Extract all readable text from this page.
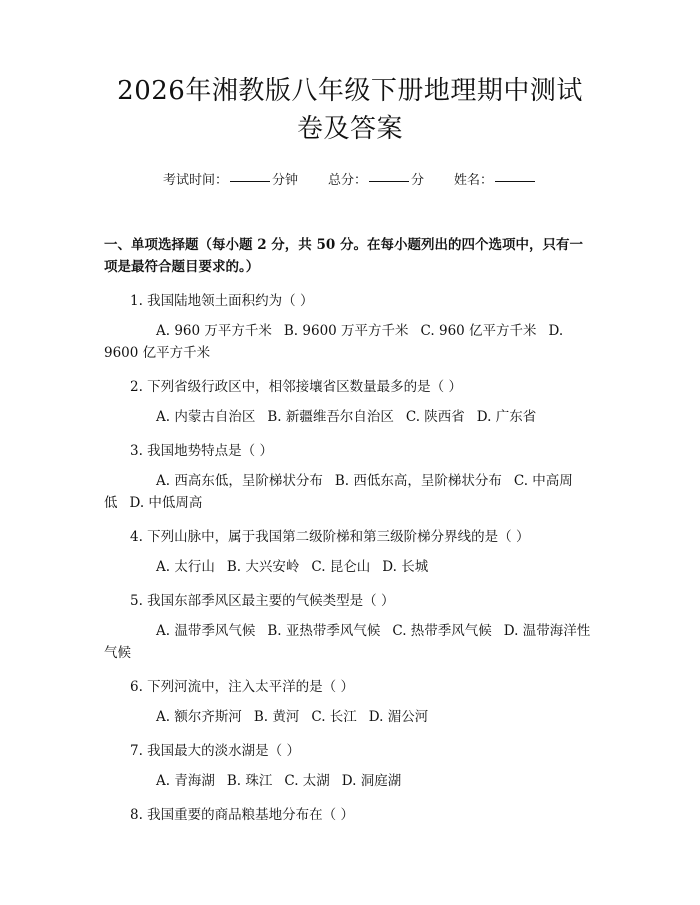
2026年湘教版八年级下册地理期中测试卷及答案
考试时间：	分钟 总分：	分 姓名：
一、单项选择题（每小题 2 分，共 50 分。在每小题列出的四个选项中，只有一项是最符合题目要求的。）
1. 我国陆地领土面积约为（ ）
A. 960 万平方千米 B. 9600 万平方千米 C. 960 亿平方千米 D. 9600 亿平方千米
2. 下列省级行政区中，相邻接壤省区数量最多的是（ ）
A. 内蒙古自治区 B. 新疆维吾尔自治区 C. 陕西省 D. 广东省
3. 我国地势特点是（ ）
A. 西高东低，呈阶梯状分布 B. 西低东高，呈阶梯状分布 C. 中高周低 D. 中低周高
4. 下列山脉中，属于我国第二级阶梯和第三级阶梯分界线的是（ ）
A. 太行山 B. 大兴安岭 C. 昆仑山 D. 长城
5. 我国东部季风区最主要的气候类型是（ ）
A. 温带季风气候 B. 亚热带季风气候 C. 热带季风气候 D. 温带海洋性气候
6. 下列河流中，注入太平洋的是（ ）
A. 额尔齐斯河 B. 黄河 C. 长江 D. 湄公河
7. 我国最大的淡水湖是（ ）
A. 青海湖 B. 珠江 C. 太湖 D. 洞庭湖
8. 我国重要的商品粮基地分布在（ ）
